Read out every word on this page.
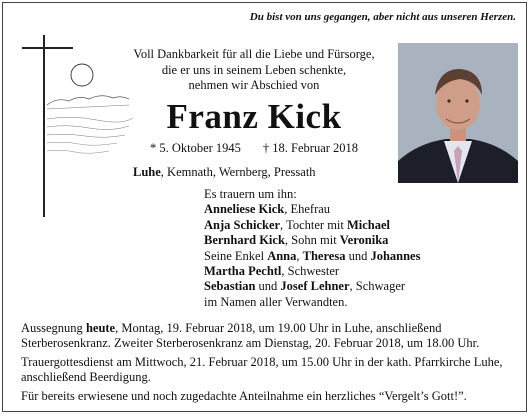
Du bist von uns gegangen, aber nicht aus unseren Herzen.
Voll Dankbarkeit für all die Liebe und Fürsorge,
die er uns in seinem Leben schenkte,
nehmen wir Abschied von
Franz Kick
* 5. Oktober 1945 † 18. Februar 2018
Luhe, Kemnath, Wernberg, Pressath
Es trauern um ihn:
Anneliese Kick, Ehefrau
Anja Schicker, Tochter mit Michael
Bernhard Kick, Sohn mit Veronika
Seine Enkel Anna, Theresa und Johannes
Martha Pechtl, Schwester
Sebastian und Josef Lehner, Schwager
im Namen aller Verwandten.

Aussegnung heute, Montag, 19. Februar 2018, um 19.00 Uhr in Luhe, anschließend Sterberosenkranz. Zweiter Sterberosenkranz am Dienstag, 20. Februar 2018, um 18.00 Uhr.

Trauergottesdienst am Mittwoch, 21. Februar 2018, um 15.00 Uhr in der kath. Pfarrkirche Luhe, anschließend Beerdigung.

Für bereits erwiesene und noch zugedachte Anteilnahme ein herzliches “Vergelt’s Gott!”.
